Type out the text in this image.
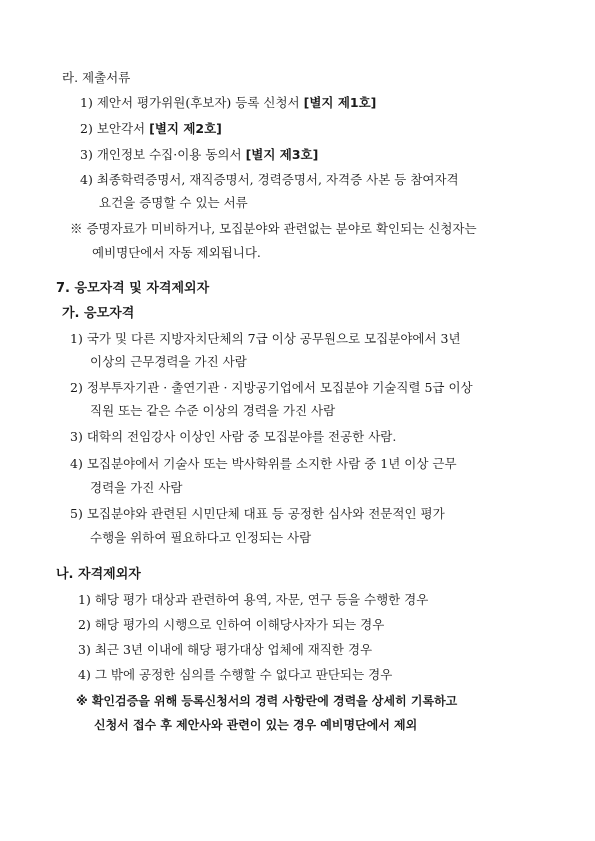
라. 제출서류
1) 제안서 평가위원(후보자) 등록 신청서 [별지 제1호]
2) 보안각서 [별지 제2호]
3) 개인정보 수집·이용 동의서 [별지 제3호]
4) 최종학력증명서, 재직증명서, 경력증명서, 자격증 사본 등 참여자격
요건을 증명할 수 있는 서류
※ 증명자료가 미비하거나, 모집분야와 관련없는 분야로 확인되는 신청자는
예비명단에서 자동 제외됩니다.
7. 응모자격 및 자격제외자
가. 응모자격
1) 국가 및 다른 지방자치단체의 7급 이상 공무원으로 모집분야에서 3년
이상의 근무경력을 가진 사람
2) 정부투자기관 · 출연기관 · 지방공기업에서 모집분야 기술직렬 5급 이상
직원 또는 같은 수준 이상의 경력을 가진 사람
3) 대학의 전임강사 이상인 사람 중 모집분야를 전공한 사람.
4) 모집분야에서 기술사 또는 박사학위를 소지한 사람 중 1년 이상 근무
경력을 가진 사람
5) 모집분야와 관련된 시민단체 대표 등 공정한 심사와 전문적인 평가
수행을 위하여 필요하다고 인정되는 사람
나. 자격제외자
1) 해당 평가 대상과 관련하여 용역, 자문, 연구 등을 수행한 경우
2) 해당 평가의 시행으로 인하여 이해당사자가 되는 경우
3) 최근 3년 이내에 해당 평가대상 업체에 재직한 경우
4) 그 밖에 공정한 심의를 수행할 수 없다고 판단되는 경우
※ 확인검증을 위해 등록신청서의 경력 사항란에 경력을 상세히 기록하고
신청서 접수 후 제안사와 관련이 있는 경우 예비명단에서 제외
